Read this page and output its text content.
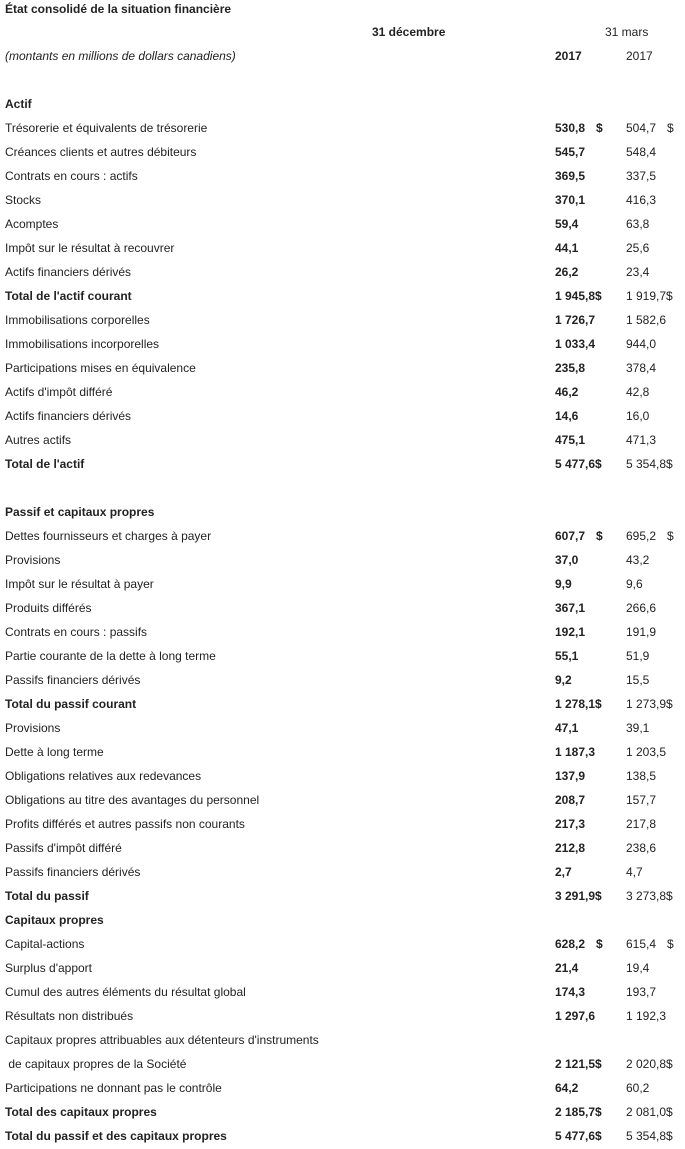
État consolidé de la situation financière
31 décembre	31 mars
(montants en millions de dollars canadiens)	2017	2017
Actif
Trésorerie et équivalents de trésorerie	530,8 $ 504,7 $
Créances clients et autres débiteurs	545,7	548,4
Contrats en cours : actifs	369,5	337,5
Stocks	370,1	416,3
Acomptes	59,4	63,8
Impôt sur le résultat à recouvrer	44,1	25,6
Actifs financiers dérivés	26,2	23,4
Total de l'actif courant	1 945,8$ 1 919,7$
Immobilisations corporelles	1 726,7	1 582,6
Immobilisations incorporelles	1 033,4	944,0
Participations mises en équivalence	235,8	378,4
Actifs d'impôt différé	46,2	42,8
Actifs financiers dérivés	14,6	16,0
Autres actifs	475,1	471,3
Total de l'actif	5 477,6$ 5 354,8$
Passif et capitaux propres
Dettes fournisseurs et charges à payer	607,7 $ 695,2 $
Provisions	37,0	43,2
Impôt sur le résultat à payer	9,9	9,6
Produits différés	367,1	266,6
Contrats en cours : passifs	192,1	191,9
Partie courante de la dette à long terme	55,1	51,9
Passifs financiers dérivés	9,2	15,5
Total du passif courant	1 278,1$ 1 273,9$
Provisions	47,1	39,1
Dette à long terme	1 187,3	1 203,5
Obligations relatives aux redevances	137,9	138,5
Obligations au titre des avantages du personnel	208,7	157,7
Profits différés et autres passifs non courants	217,3	217,8
Passifs d'impôt différé	212,8	238,6
Passifs financiers dérivés	2,7	4,7
Total du passif	3 291,9$ 3 273,8$
Capitaux propres
Capital-actions	628,2 $ 615,4 $
Surplus d'apport	21,4	19,4
Cumul des autres éléments du résultat global	174,3	193,7
Résultats non distribués	1 297,6	1 192,3
Capitaux propres attribuables aux détenteurs d'instruments
de capitaux propres de la Société	2 121,5$ 2 020,8$
Participations ne donnant pas le contrôle	64,2	60,2
Total des capitaux propres	2 185,7$ 2 081,0$
Total du passif et des capitaux propres	5 477,6$ 5 354,8$
